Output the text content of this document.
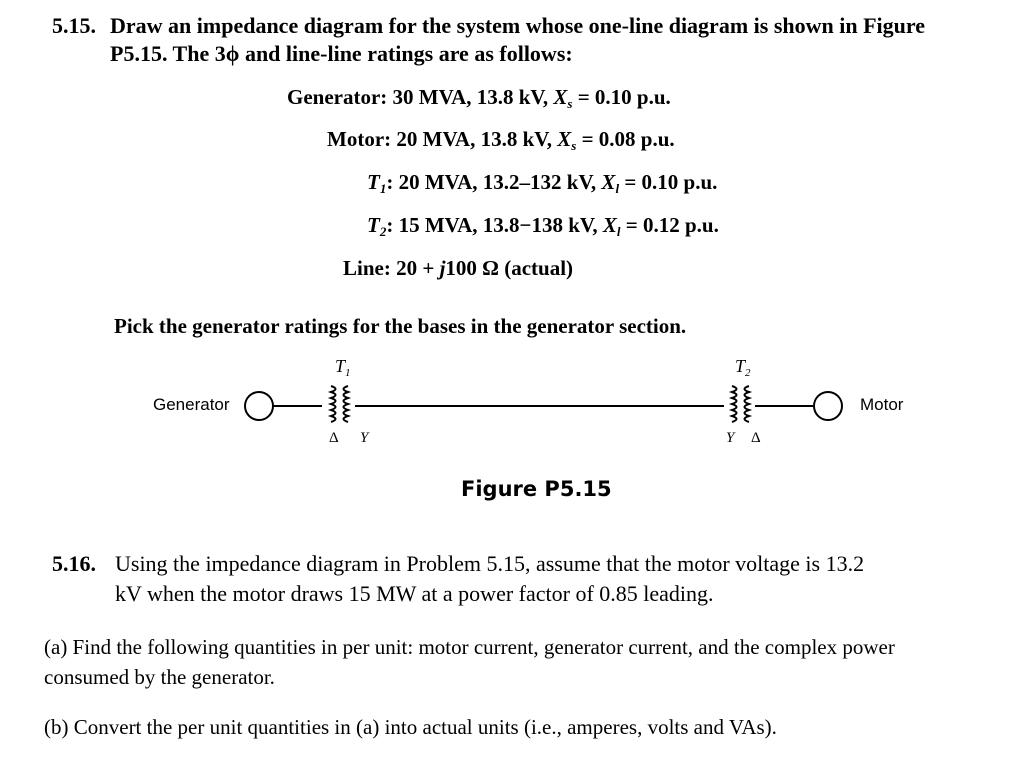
5.15. Draw an impedance diagram for the system whose one-line diagram is shown in Figure
P5.15. The 3ϕ and line-line ratings are as follows:
Generator: 30 MVA, 13.8 kV, $X_s = 0.10$ p.u.
Motor: 20 MVA, 13.8 kV, $X_s = 0.08$ p.u.
$T_1$: 20 MVA, 13.2–132 kV, $X_l = 0.10$ p.u.
$T_2$: 15 MVA, 13.8−138 kV, $X_l = 0.12$ p.u.
Line: 20 + j100 Ω (actual)
Pick the generator ratings for the bases in the generator section.
Generator	Motor
$T_1$	$T_2$
Δ Y	Y Δ
Figure P5.15
5.16. Using the impedance diagram in Problem 5.15, assume that the motor voltage is 13.2
kV when the motor draws 15 MW at a power factor of 0.85 leading.
(a) Find the following quantities in per unit: motor current, generator current, and the complex power
consumed by the generator.
(b) Convert the per unit quantities in (a) into actual units (i.e., amperes, volts and VAs).
